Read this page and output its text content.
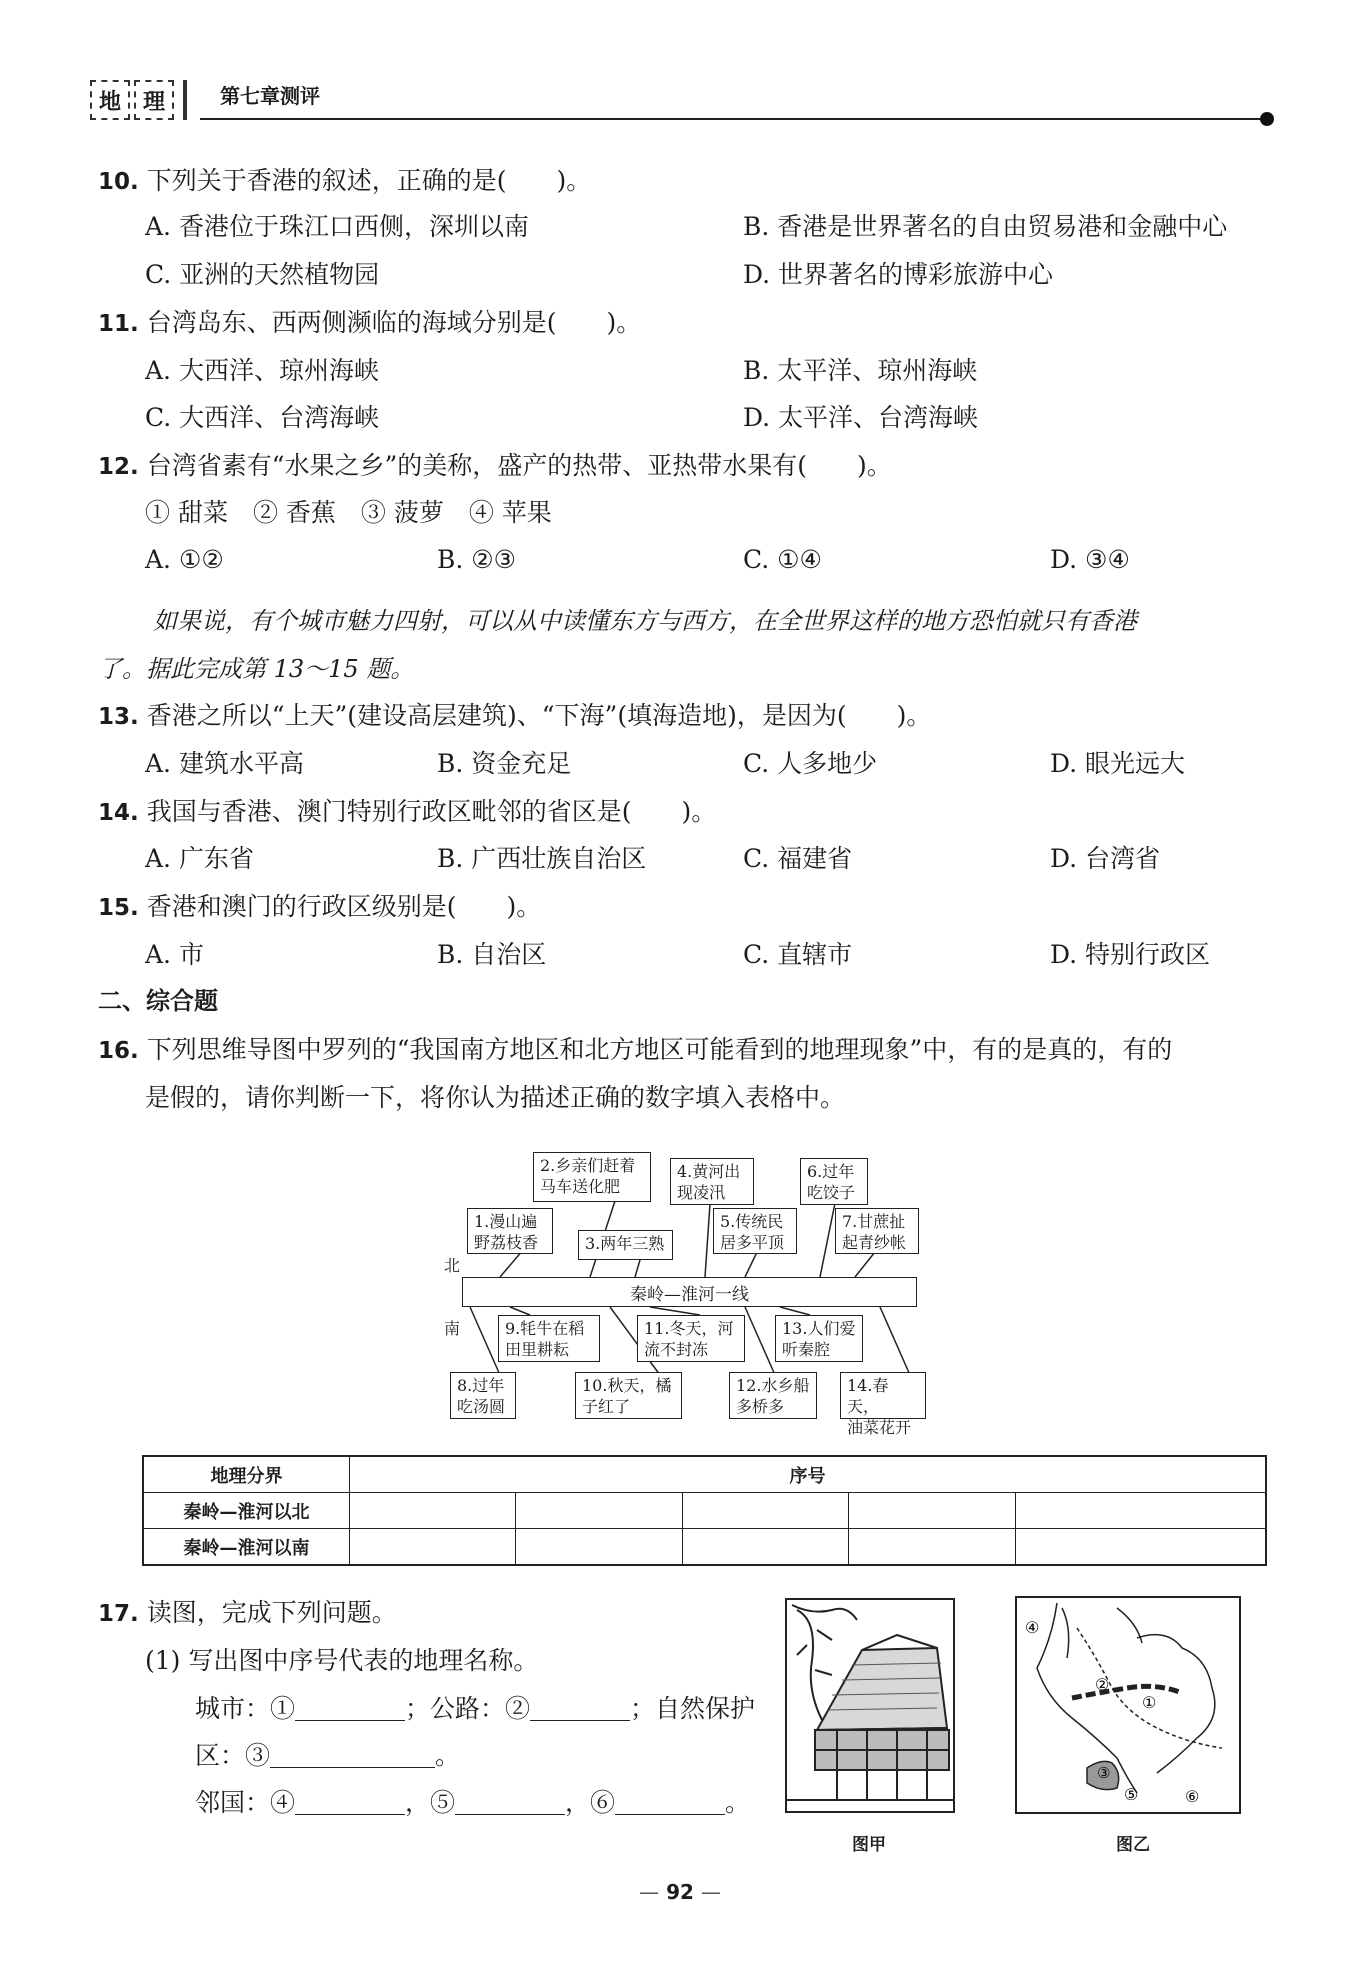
地 理	第七章测评
10. 下列关于香港的叙述，正确的是(　　)。
A. 香港位于珠江口西侧，深圳以南	B. 香港是世界著名的自由贸易港和金融中心
C. 亚洲的天然植物园	D. 世界著名的博彩旅游中心
11. 台湾岛东、西两侧濒临的海域分别是(　　)。
A. 大西洋、琼州海峡	B. 太平洋、琼州海峡
C. 大西洋、台湾海峡	D. 太平洋、台湾海峡
12. 台湾省素有“水果之乡”的美称，盛产的热带、亚热带水果有(　　)。
① 甜菜　② 香蕉　③ 菠萝　④ 苹果
A. ①②	B. ②③	C. ①④	D. ③④
如果说，有个城市魅力四射，可以从中读懂东方与西方，在全世界这样的地方恐怕就只有香港
了。据此完成第 13～15 题。
13. 香港之所以“上天”(建设高层建筑)、“下海”(填海造地)，是因为(　　)。
A. 建筑水平高	B. 资金充足	C. 人多地少	D. 眼光远大
14. 我国与香港、澳门特别行政区毗邻的省区是(　　)。
A. 广东省	B. 广西壮族自治区	C. 福建省	D. 台湾省
15. 香港和澳门的行政区级别是(　　)。
A. 市	B. 自治区	C. 直辖市	D. 特别行政区
二、综合题
16. 下列思维导图中罗列的“我国南方地区和北方地区可能看到的地理现象”中，有的是真的，有的
是假的，请你判断一下，将你认为描述正确的数字填入表格中。
北
南
秦岭—淮河一线
2.乡亲们赶着
马车送化肥
4.黄河出
现凌汛
6.过年
吃饺子
1.漫山遍
野荔枝香	3.两年三熟
5.传统民
居多平顶
7.甘蔗扯
起青纱帐
9.牦牛在稻
田里耕耘
11.冬天，河
流不封冻
13.人们爱
听秦腔
8.过年
吃汤圆
10.秋天，橘
子红了
12.水乡船
多桥多
14.春天，
油菜花开
地理分界	序号				
秦岭—淮河以北					
秦岭—淮河以南					
17. 读图，完成下列问题。
(1) 写出图中序号代表的地理名称。
城市：①	；公路：②	；自然保护
区：③	。
邻国：④	，⑤	，⑥	。
图甲
④
②
①
③
⑤	⑥
图乙
— 92 —
